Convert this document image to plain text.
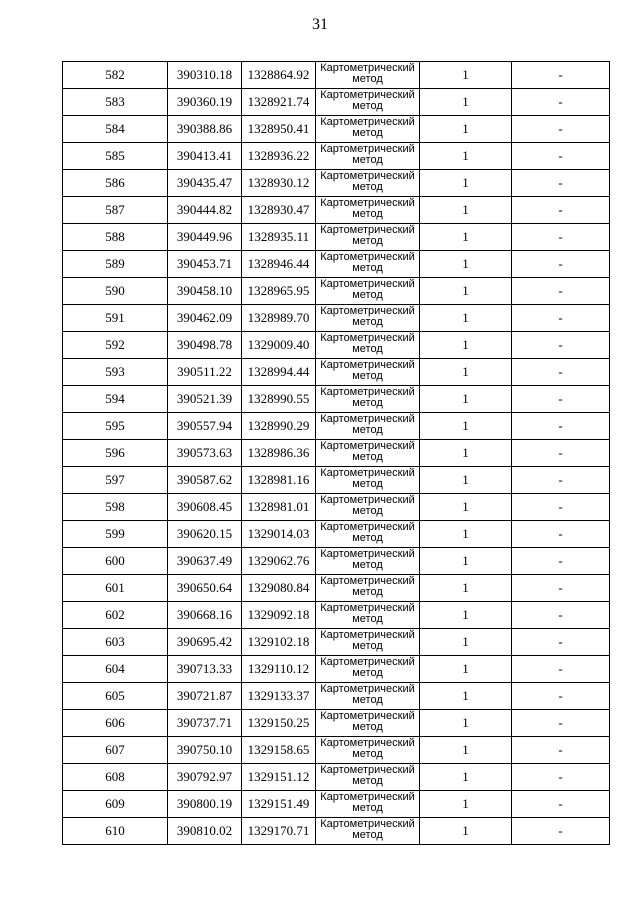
31
582	390310.18	1328864.92	Картометрический
метод	1	-
583	390360.19	1328921.74	Картометрический
метод	1	-
584	390388.86	1328950.41	Картометрический
метод	1	-
585	390413.41	1328936.22	Картометрический
метод	1	-
586	390435.47	1328930.12	Картометрический
метод	1	-
587	390444.82	1328930.47	Картометрический
метод	1	-
588	390449.96	1328935.11	Картометрический
метод	1	-
589	390453.71	1328946.44	Картометрический
метод	1	-
590	390458.10	1328965.95	Картометрический
метод	1	-
591	390462.09	1328989.70	Картометрический
метод	1	-
592	390498.78	1329009.40	Картометрический
метод	1	-
593	390511.22	1328994.44	Картометрический
метод	1	-
594	390521.39	1328990.55	Картометрический
метод	1	-
595	390557.94	1328990.29	Картометрический
метод	1	-
596	390573.63	1328986.36	Картометрический
метод	1	-
597	390587.62	1328981.16	Картометрический
метод	1	-
598	390608.45	1328981.01	Картометрический
метод	1	-
599	390620.15	1329014.03	Картометрический
метод	1	-
600	390637.49	1329062.76	Картометрический
метод	1	-
601	390650.64	1329080.84	Картометрический
метод	1	-
602	390668.16	1329092.18	Картометрический
метод	1	-
603	390695.42	1329102.18	Картометрический
метод	1	-
604	390713.33	1329110.12	Картометрический
метод	1	-
605	390721.87	1329133.37	Картометрический
метод	1	-
606	390737.71	1329150.25	Картометрический
метод	1	-
607	390750.10	1329158.65	Картометрический
метод	1	-
608	390792.97	1329151.12	Картометрический
метод	1	-
609	390800.19	1329151.49	Картометрический
метод	1	-
610	390810.02	1329170.71	Картометрический
метод	1	-
